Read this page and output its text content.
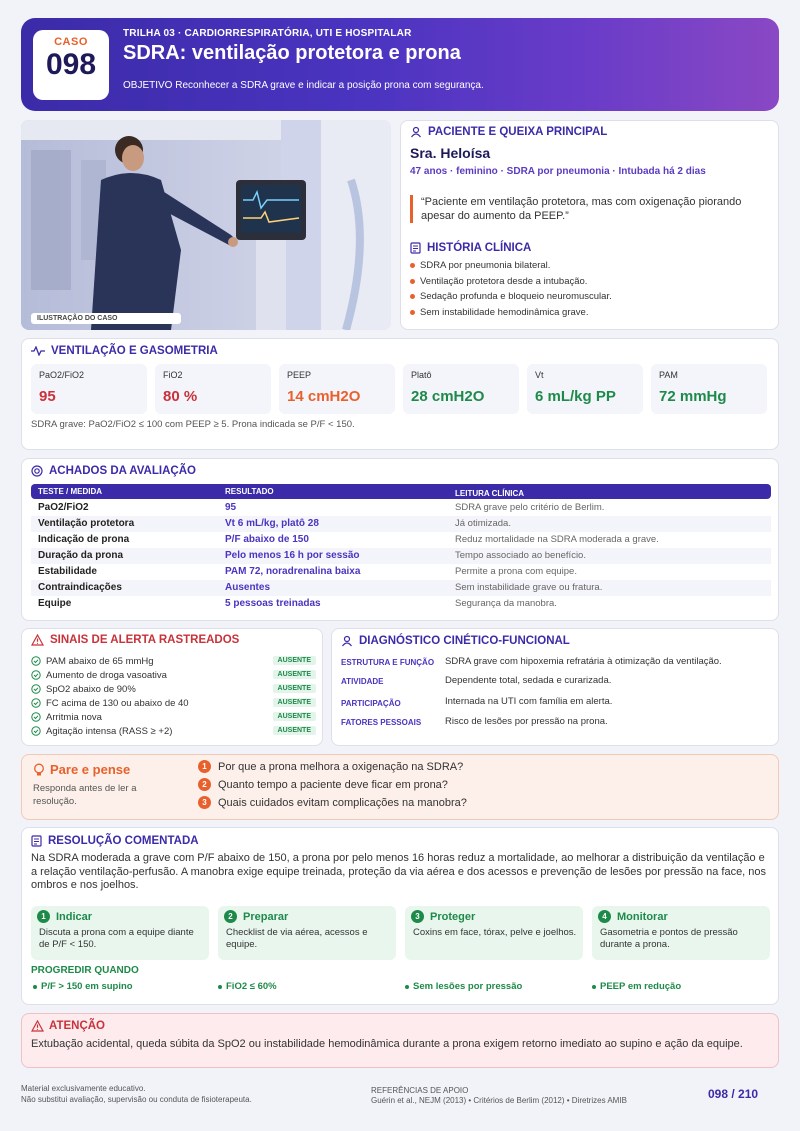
CASO
098
TRILHA 03 · CARDIORRESPIRATÓRIA, UTI E HOSPITALAR
SDRA: ventilação protetora e prona
OBJETIVO Reconhecer a SDRA grave e indicar a posição prona com segurança.
ILUSTRAÇÃO DO CASO
PACIENTE E QUEIXA PRINCIPAL
Sra. Heloísa
47 anos · feminino · SDRA por pneumonia · Intubada há 2 dias
“Paciente em ventilação protetora, mas com oxigenação piorando apesar do aumento da PEEP.”
HISTÓRIA CLÍNICA
SDRA por pneumonia bilateral.
Ventilação protetora desde a intubação.
Sedação profunda e bloqueio neuromuscular.
Sem instabilidade hemodinâmica grave.
VENTILAÇÃO E GASOMETRIA
PaO2/FiO2
95
FiO2
80 %
PEEP
14 cmH2O
Platô
28 cmH2O
Vt
6 mL/kg PP
PAM
72 mmHg
SDRA grave: PaO2/FiO2 ≤ 100 com PEEP ≥ 5. Prona indicada se P/F < 150.
ACHADOS DA AVALIAÇÃO
TESTE / MEDIDA	RESULTADO	LEITURA CLÍNICA
PaO2/FiO2	95	SDRA grave pelo critério de Berlim.
Ventilação protetora	Vt 6 mL/kg, platô 28	Já otimizada.
Indicação de prona	P/F abaixo de 150	Reduz mortalidade na SDRA moderada a grave.
Duração da prona	Pelo menos 16 h por sessão	Tempo associado ao benefício.
Estabilidade	PAM 72, noradrenalina baixa	Permite a prona com equipe.
Contraindicações	Ausentes	Sem instabilidade grave ou fratura.
Equipe	5 pessoas treinadas	Segurança da manobra.
SINAIS DE ALERTA RASTREADOS
PAM abaixo de 65 mmHg	AUSENTE
Aumento de droga vasoativa	AUSENTE
SpO2 abaixo de 90%	AUSENTE
FC acima de 130 ou abaixo de 40	AUSENTE
Arritmia nova	AUSENTE
Agitação intensa (RASS ≥ +2)	AUSENTE
DIAGNÓSTICO CINÉTICO-FUNCIONAL
ESTRUTURA E FUNÇÃO SDRA grave com hipoxemia refratária à otimização da ventilação.
ATIVIDADE	Dependente total, sedada e curarizada.
PARTICIPAÇÃO	Internada na UTI com família em alerta.
FATORES PESSOAIS	Risco de lesões por pressão na prona.
Pare e pense
Responda antes de ler a resolução.
1	Por que a prona melhora a oxigenação na SDRA?
2	Quanto tempo a paciente deve ficar em prona?
3	Quais cuidados evitam complicações na manobra?
RESOLUÇÃO COMENTADA
Na SDRA moderada a grave com P/F abaixo de 150, a prona por pelo menos 16 horas reduz a mortalidade, ao melhorar a distribuição da ventilação e a relação ventilação-perfusão. A manobra exige equipe treinada, proteção da via aérea e dos acessos e prevenção de lesões por pressão na face, nos ombros e nos joelhos.
1 Indicar
Discuta a prona com a equipe diante de P/F < 150.
2 Preparar
Checklist de via aérea, acessos e equipe.
3 Proteger
Coxins em face, tórax, pelve e joelhos.
4 Monitorar
Gasometria e pontos de pressão durante a prona.
PROGREDIR QUANDO
P/F > 150 em supino	FiO2 ≤ 60%	Sem lesões por pressão	PEEP em redução
ATENÇÃO
Extubação acidental, queda súbita da SpO2 ou instabilidade hemodinâmica durante a prona exigem retorno imediato ao supino e ação da equipe.
Material exclusivamente educativo.
Não substitui avaliação, supervisão ou conduta de fisioterapeuta.
REFERÊNCIAS DE APOIO
Guérin et al., NEJM (2013) • Critérios de Berlim (2012) • Diretrizes AMIB	098 / 210
